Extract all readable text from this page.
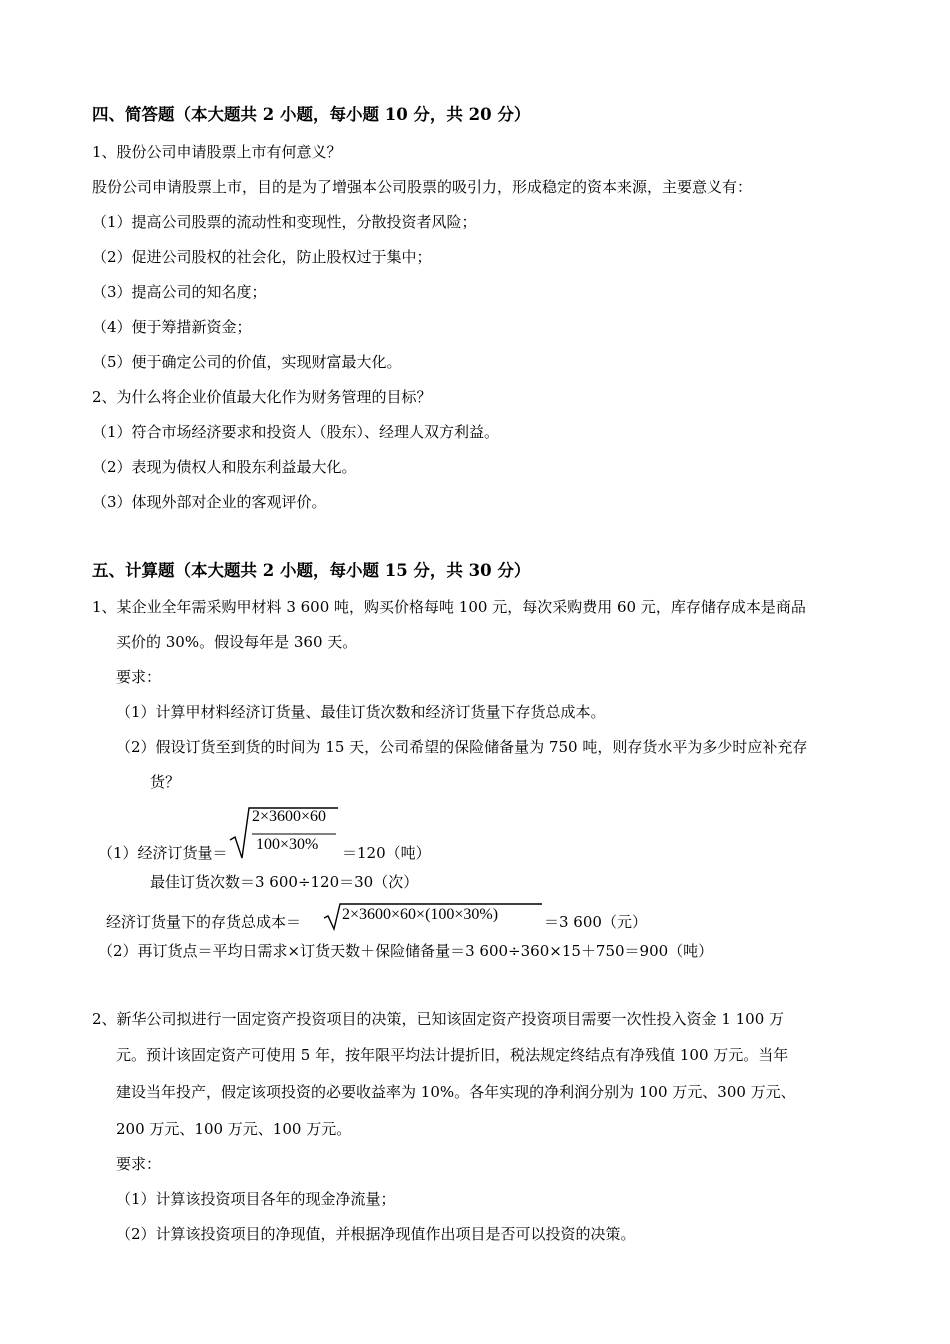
四、简答题（本大题共 2 小题，每小题 10 分，共 20 分）
1、股份公司申请股票上市有何意义？
股份公司申请股票上市，目的是为了增强本公司股票的吸引力，形成稳定的资本来源，主要意义有：
（1）提高公司股票的流动性和变现性，分散投资者风险；
（2）促进公司股权的社会化，防止股权过于集中；
（3）提高公司的知名度；
（4）便于筹措新资金；
（5）便于确定公司的价值，实现财富最大化。
2、为什么将企业价值最大化作为财务管理的目标？
（1）符合市场经济要求和投资人（股东）、经理人双方利益。
（2）表现为债权人和股东利益最大化。
（3）体现外部对企业的客观评价。
五、计算题（本大题共 2 小题，每小题 15 分，共 30 分）
1、某企业全年需采购甲材料 3 600 吨，购买价格每吨 100 元，每次采购费用 60 元，库存储存成本是商品
买价的 30%。假设每年是 360 天。
要求：
（1）计算甲材料经济订货量、最佳订货次数和经济订货量下存货总成本。
（2）假设订货至到货的时间为 15 天，公司希望的保险储备量为 750 吨，则存货水平为多少时应补充存
货？
（1）经济订货量＝
2×3600×60
100×30% ＝120（吨）
最佳订货次数＝3 600÷120＝30（次）
经济订货量下的存货总成本＝	2×3600×60×(100×30%)	＝3 600（元）
（2）再订货点＝平均日需求×订货天数＋保险储备量＝3 600÷360×15＋750＝900（吨）
2、新华公司拟进行一固定资产投资项目的决策，已知该固定资产投资项目需要一次性投入资金 1 100 万
元。预计该固定资产可使用 5 年，按年限平均法计提折旧，税法规定终结点有净残值 100 万元。当年
建设当年投产，假定该项投资的必要收益率为 10%。各年实现的净利润分别为 100 万元、300 万元、
200 万元、100 万元、100 万元。
要求：
（1）计算该投资项目各年的现金净流量；
（2）计算该投资项目的净现值，并根据净现值作出项目是否可以投资的决策。
